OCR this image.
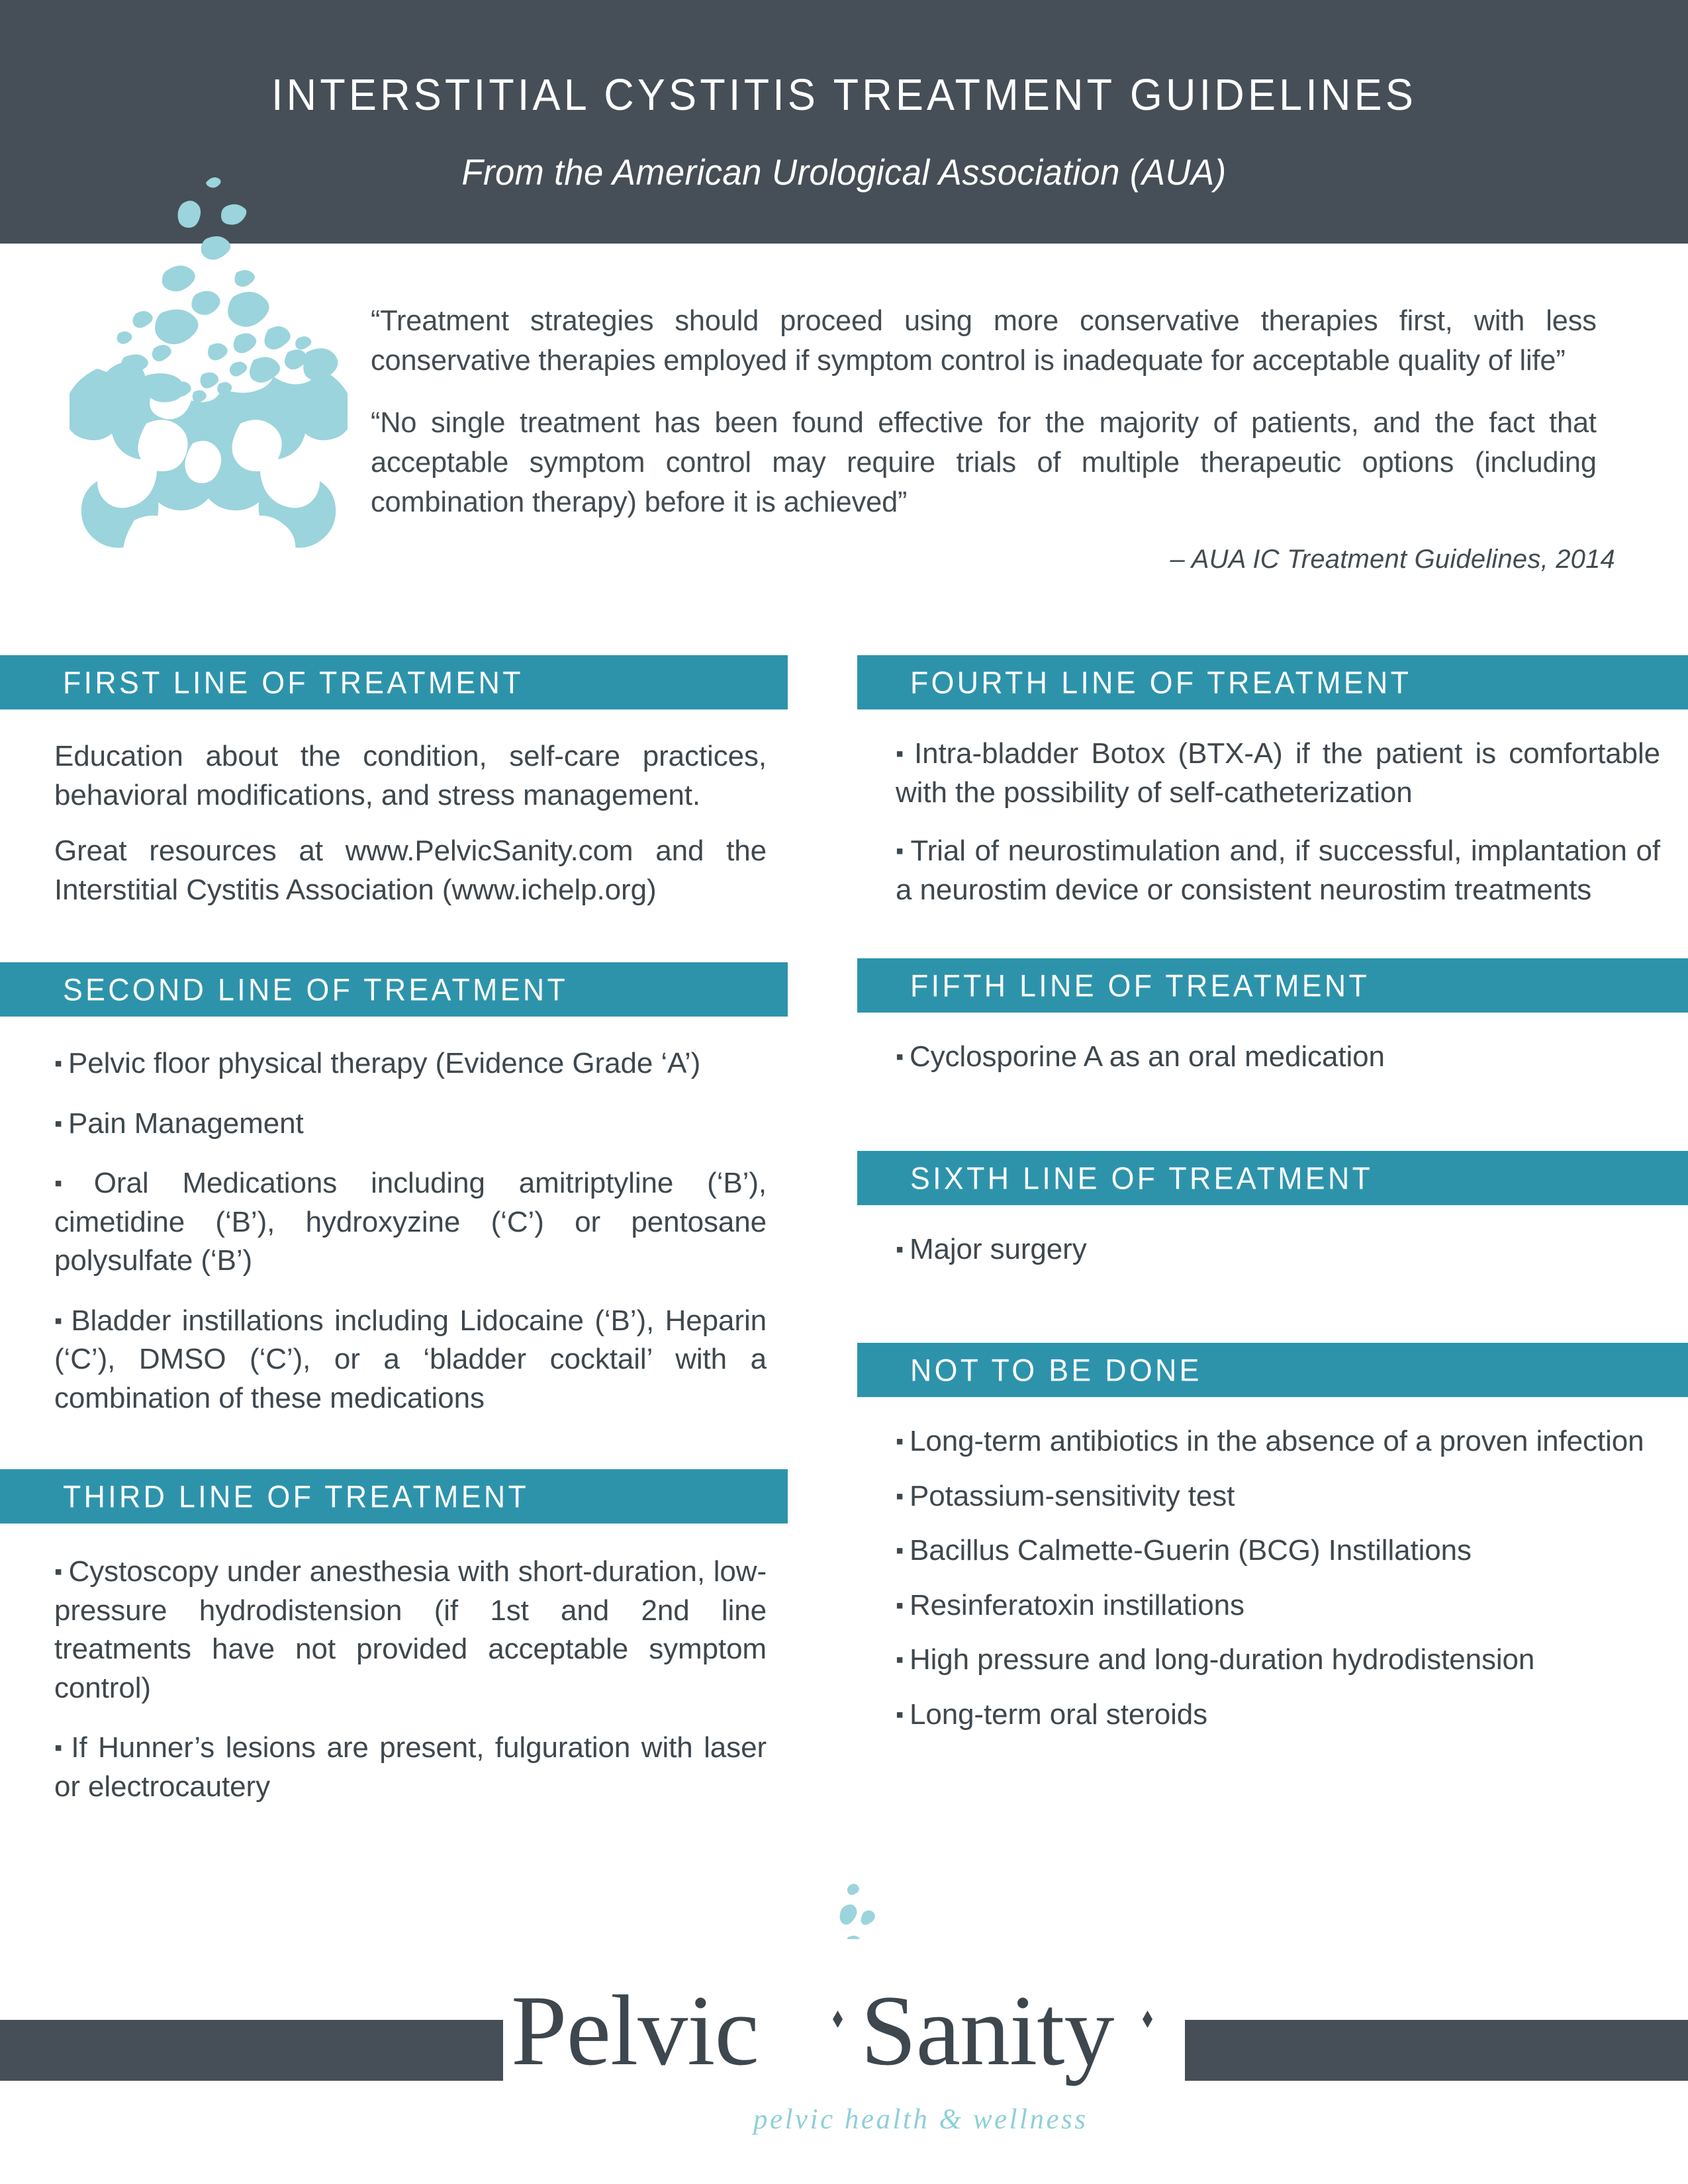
INTERSTITIAL CYSTITIS TREATMENT GUIDELINES
From the American Urological Association (AUA)

“Treatment strategies should proceed using more conservative therapies first, with less conservative therapies employed if symptom control is inadequate for acceptable quality of life”

“No single treatment has been found effective for the majority of patients, and the fact that acceptable symptom control may require trials of multiple therapeutic options (including combination therapy) before it is achieved”

– AUA IC Treatment Guidelines, 2014
FIRST LINE OF TREATMENT

Education about the condition, self-care practices, behavioral modifications, and stress management.

Great resources at www.PelvicSanity.com and the Interstitial Cystitis Association (www.ichelp.org)

SECOND LINE OF TREATMENT

▪ Pelvic floor physical therapy (Evidence Grade ‘A’)

▪ Pain Management

▪ Oral Medications including amitriptyline (‘B’), cimetidine (‘B’), hydroxyzine (‘C’) or pentosane polysulfate (‘B’)

▪ Bladder instillations including Lidocaine (‘B’), Heparin (‘C’), DMSO (‘C’), or a ‘bladder cocktail’ with a combination of these medications

THIRD LINE OF TREATMENT

▪ Cystoscopy under anesthesia with short-duration, low-pressure hydrodistension (if 1st and 2nd line treatments have not provided acceptable symptom control)

▪ If Hunner’s lesions are present, fulguration with laser or electrocautery

FOURTH LINE OF TREATMENT

▪ Intra-bladder Botox (BTX-A) if the patient is comfortable with the possibility of self-catheterization

▪ Trial of neurostimulation and, if successful, implantation of a neurostim device or consistent neurostim treatments

FIFTH LINE OF TREATMENT

▪ Cyclosporine A as an oral medication

SIXTH LINE OF TREATMENT

▪ Major surgery

NOT TO BE DONE

▪ Long-term antibiotics in the absence of a proven infection

▪ Potassium-sensitivity test

▪ Bacillus Calmette-Guerin (BCG) Instillations

▪ Resinferatoxin instillations

▪ High pressure and long-duration hydrodistension

▪ Long-term oral steroids

Pelvic Sanity
pelvic health & wellness
